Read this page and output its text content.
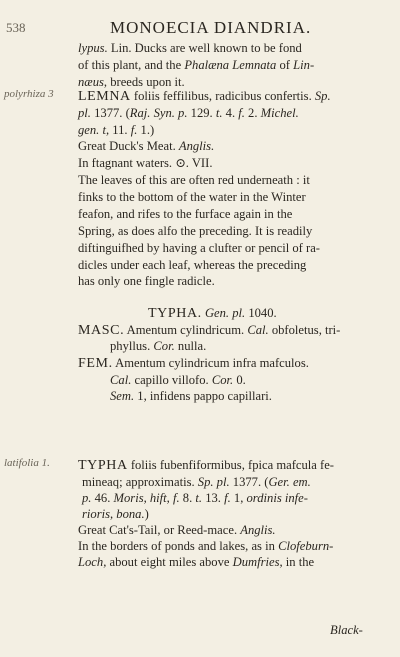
538	MONOECIA DIANDRIA.
polyrhiza 3
latifolia 1.
lypus. Lin. Ducks are well known to be fond
of this plant, and the Phalæna Lemnata of Lin-
næus, breeds upon it.
LEMNA foliis feffilibus, radicibus confertis. Sp.
pl. 1377. (Raj. Syn. p. 129. t. 4. f. 2. Michel.
gen. t, 11. f. 1.)
Great Duck's Meat. Anglis.
In ftagnant waters. ⊙. VII.
The leaves of this are often red underneath : it
finks to the bottom of the water in the Winter
feafon, and rifes to the furface again in the
Spring, as does alfo the preceding. It is readily
diftinguifhed by having a clufter or pencil of ra-
dicles under each leaf, whereas the preceding
has only one fingle radicle.
TYPHA. Gen. pl. 1040.
MASC. Amentum cylindricum. Cal. obfoletus, tri-
phyllus. Cor. nulla.
FEM. Amentum cylindricum infra mafculos.
Cal. capillo villofo. Cor. 0.
Sem. 1, infidens pappo capillari.
TYPHA foliis fubenfiformibus, fpica mafcula fe-
mineaq; approximatis. Sp. pl. 1377. (Ger. em.
p. 46. Moris, hift, f. 8. t. 13. f. 1, ordinis infe-
rioris, bona.)
Great Cat's-Tail, or Reed-mace. Anglis.
In the borders of ponds and lakes, as in Clofeburn-
Loch, about eight miles above Dumfries, in the
Black-
